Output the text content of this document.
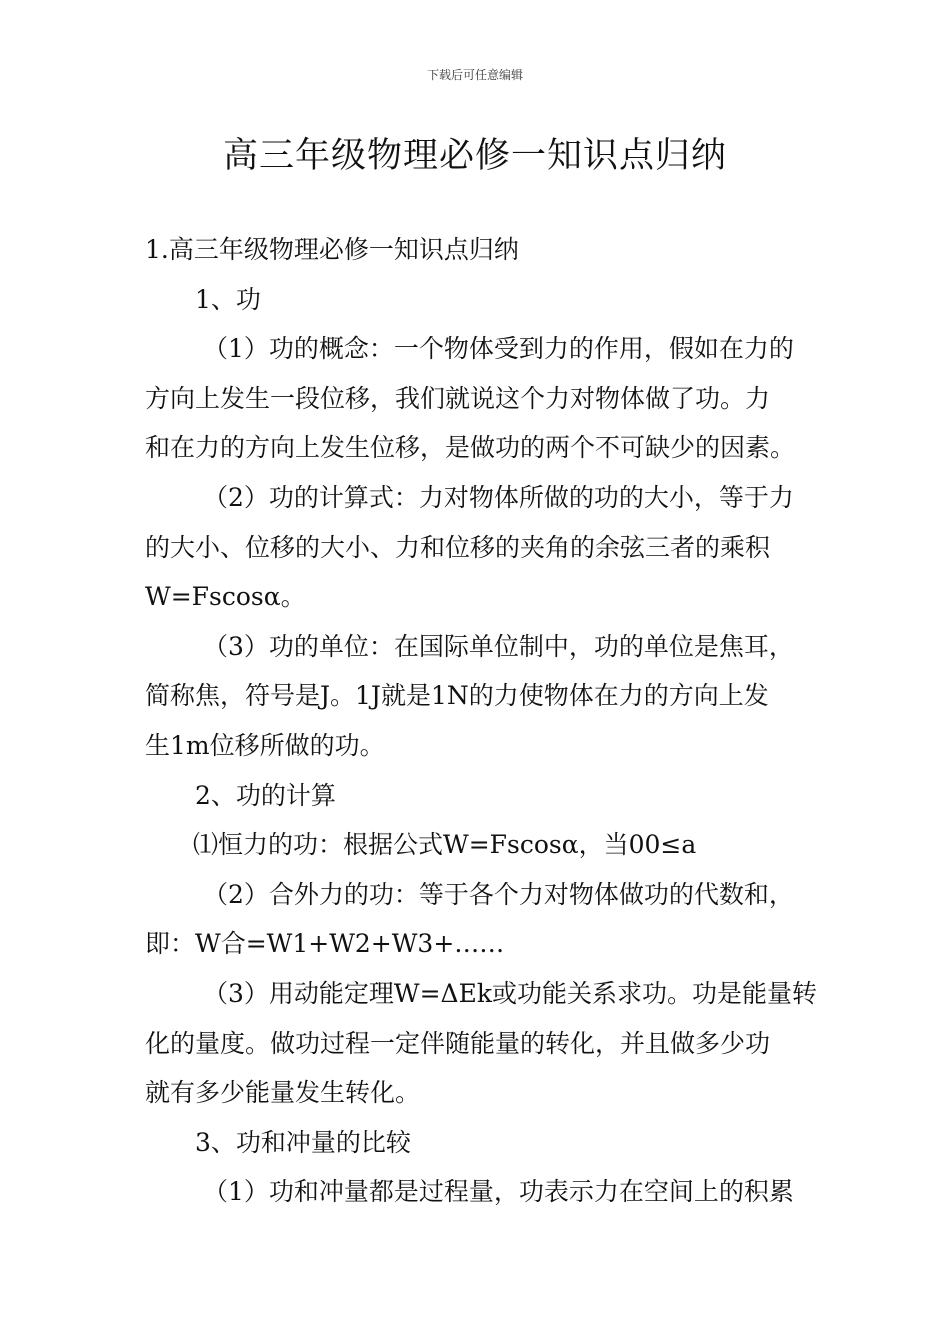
下载后可任意编辑
高三年级物理必修一知识点归纳
1.高三年级物理必修一知识点归纳
1、功
（1）功的概念：一个物体受到力的作用，假如在力的
方向上发生一段位移，我们就说这个力对物体做了功。力
和在力的方向上发生位移，是做功的两个不可缺少的因素。
（2）功的计算式：力对物体所做的功的大小，等于力
的大小、位移的大小、力和位移的夹角的余弦三者的乘积
W=Fscosα。
（3）功的单位：在国际单位制中，功的单位是焦耳，
简称焦，符号是J。1J就是1N的力使物体在力的方向上发
生1m位移所做的功。
2、功的计算
⑴恒力的功：根据公式W=Fscosα，当00≤a
（2）合外力的功：等于各个力对物体做功的代数和，
即：W合=W1+W2+W3+……
（3）用动能定理W=ΔEk或功能关系求功。功是能量转
化的量度。做功过程一定伴随能量的转化，并且做多少功
就有多少能量发生转化。
3、功和冲量的比较
（1）功和冲量都是过程量，功表示力在空间上的积累
